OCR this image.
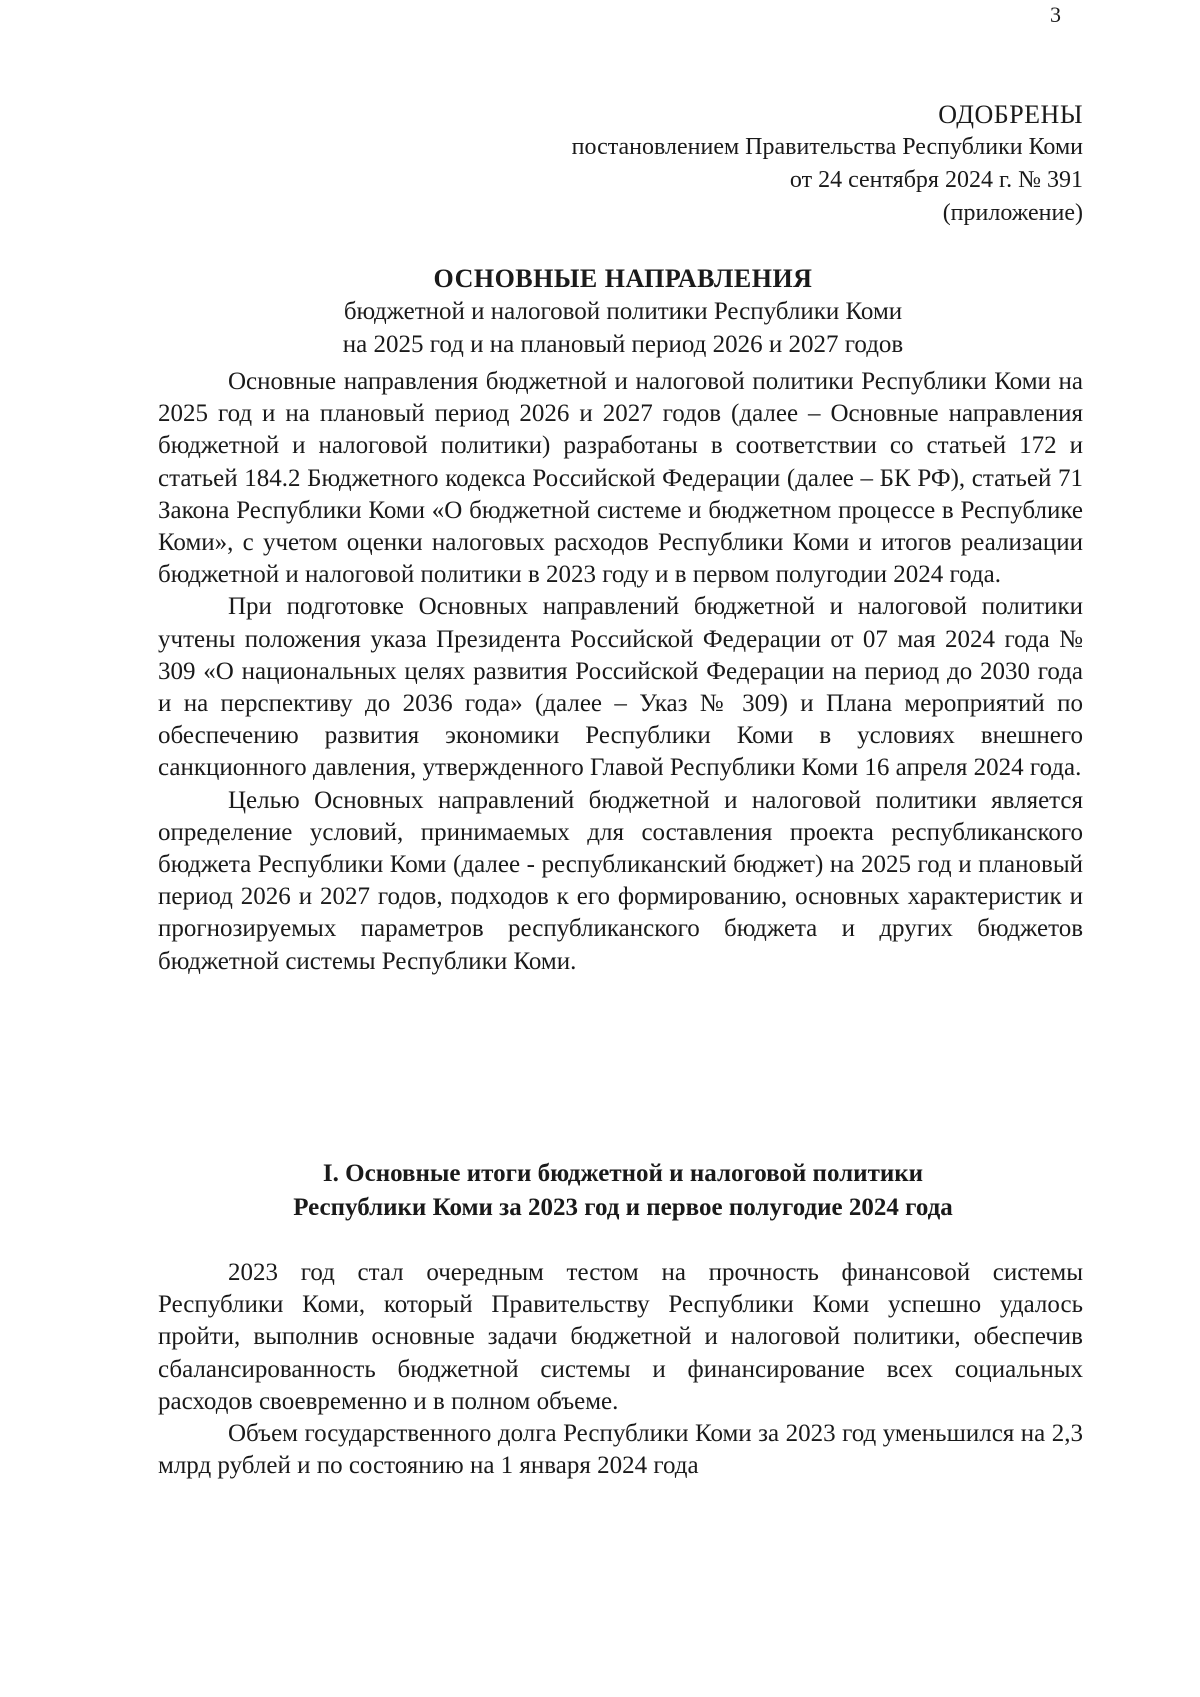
3
ОДОБРЕНЫ
постановлением Правительства Республики Коми
от 24 сентября 2024 г. № 391
(приложение)
ОСНОВНЫЕ НАПРАВЛЕНИЯ
бюджетной и налоговой политики Республики Коми
на 2025 год и на плановый период 2026 и 2027 годов

Основные направления бюджетной и налоговой политики Республики Коми на 2025 год и на плановый период 2026 и 2027 годов (далее – Основные направления бюджетной и налоговой политики) разработаны в соответствии со статьей 172 и статьей 184.2 Бюджетного кодекса Российской Федерации (далее – БК РФ), статьей 71 Закона Республики Коми «О бюджетной системе и бюджетном процессе в Республике Коми», с учетом оценки налоговых расходов Республики Коми и итогов реализации бюджетной и налоговой политики в 2023 году и в первом полугодии 2024 года.

При подготовке Основных направлений бюджетной и налоговой политики учтены положения указа Президента Российской Федерации от 07 мая 2024 года № 309 «О национальных целях развития Российской Федерации на период до 2030 года и на перспективу до 2036 года» (далее – Указ № 309) и Плана мероприятий по обеспечению развития экономики Республики Коми в условиях внешнего санкционного давления, утвержденного Главой Республики Коми 16 апреля 2024 года.

Целью Основных направлений бюджетной и налоговой политики является определение условий, принимаемых для составления проекта республиканского бюджета Республики Коми (далее - республиканский бюджет) на 2025 год и плановый период 2026 и 2027 годов, подходов к его формированию, основных характеристик и прогнозируемых параметров республиканского бюджета и других бюджетов бюджетной системы Республики Коми.

I. Основные итоги бюджетной и налоговой политики
Республики Коми за 2023 год и первое полугодие 2024 года

2023 год стал очередным тестом на прочность финансовой системы Республики Коми, который Правительству Республики Коми успешно удалось пройти, выполнив основные задачи бюджетной и налоговой политики, обеспечив сбалансированность бюджетной системы и финансирование всех социальных расходов своевременно и в полном объеме.

Объем государственного долга Республики Коми за 2023 год уменьшился на 2,3 млрд рублей и по состоянию на 1 января 2024 года
